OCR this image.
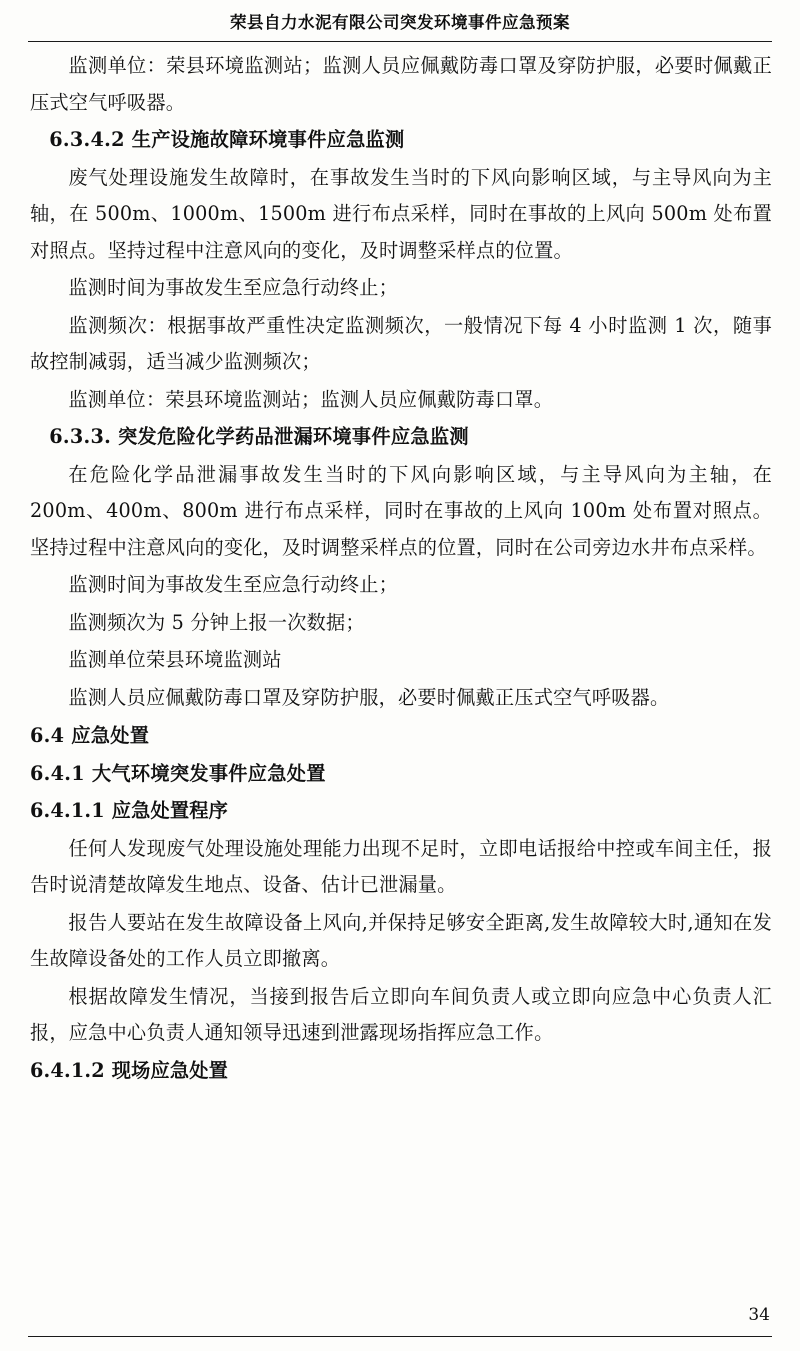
荣县自力水泥有限公司突发环境事件应急预案

监测单位：荣县环境监测站；监测人员应佩戴防毒口罩及穿防护服，必要时佩戴正压式空气呼吸器。

6.3.4.2 生产设施故障环境事件应急监测

废气处理设施发生故障时，在事故发生当时的下风向影响区域，与主导风向为主轴，在 500m、1000m、1500m 进行布点采样，同时在事故的上风向 500m 处布置对照点。坚持过程中注意风向的变化，及时调整采样点的位置。

监测时间为事故发生至应急行动终止；

监测频次：根据事故严重性决定监测频次，一般情况下每 4 小时监测 1 次，随事故控制减弱，适当减少监测频次；

监测单位：荣县环境监测站；监测人员应佩戴防毒口罩。

6.3.3. 突发危险化学药品泄漏环境事件应急监测

在危险化学品泄漏事故发生当时的下风向影响区域，与主导风向为主轴，在 200m、400m、800m 进行布点采样，同时在事故的上风向 100m 处布置对照点。坚持过程中注意风向的变化，及时调整采样点的位置，同时在公司旁边水井布点采样。

监测时间为事故发生至应急行动终止；

监测频次为 5 分钟上报一次数据；

监测单位荣县环境监测站

监测人员应佩戴防毒口罩及穿防护服，必要时佩戴正压式空气呼吸器。

6.4 应急处置

6.4.1 大气环境突发事件应急处置

6.4.1.1 应急处置程序

任何人发现废气处理设施处理能力出现不足时，立即电话报给中控或车间主任，报告时说清楚故障发生地点、设备、估计已泄漏量。

报告人要站在发生故障设备上风向,并保持足够安全距离,发生故障较大时,通知在发生故障设备处的工作人员立即撤离。

根据故障发生情况，当接到报告后立即向车间负责人或立即向应急中心负责人汇报，应急中心负责人通知领导迅速到泄露现场指挥应急工作。

6.4.1.2 现场应急处置

34
